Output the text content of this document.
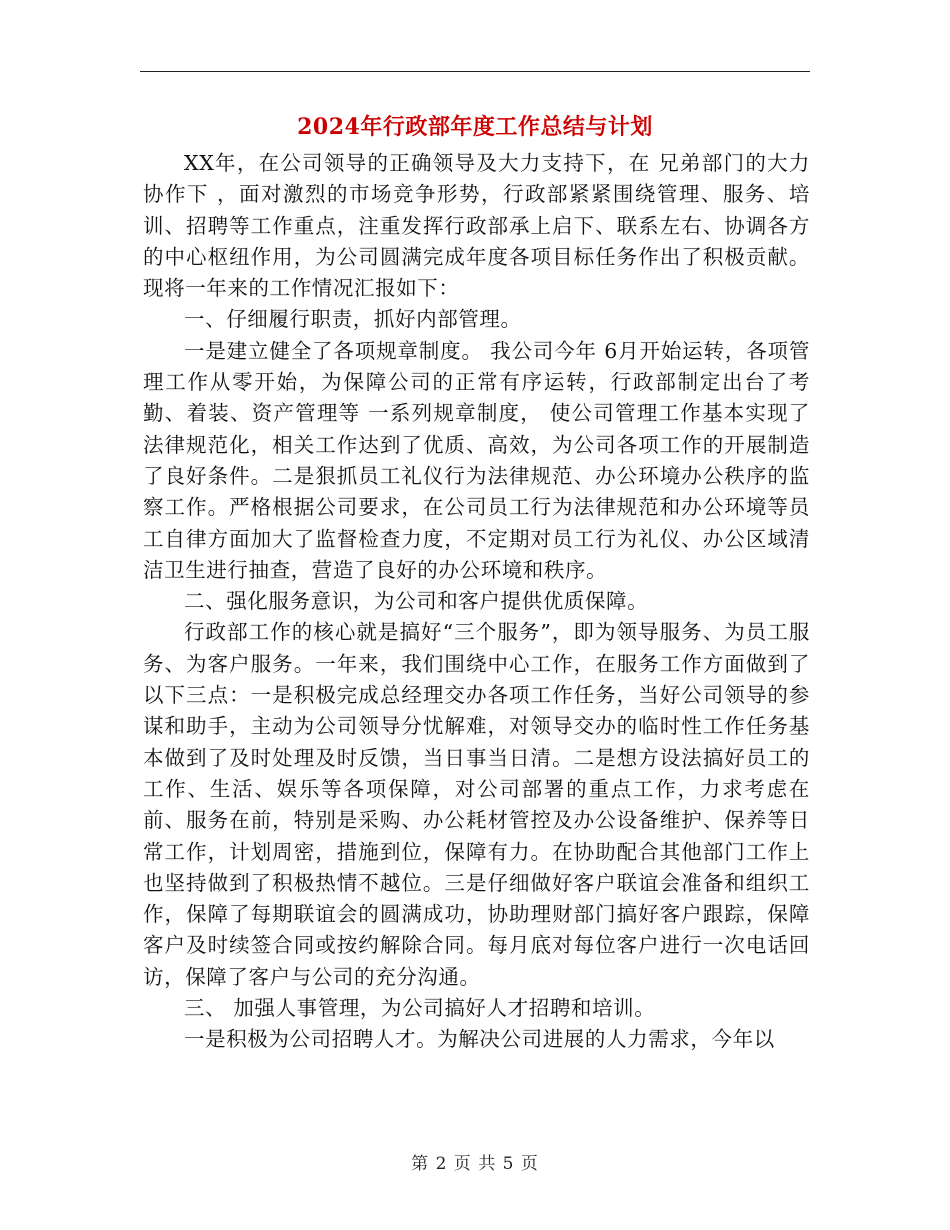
2024年行政部年度工作总结与计划

XX年，在公司领导的正确领导及大力支持下，在 兄弟部门的大力协作下 ，面对激烈的市场竞争形势，行政部紧紧围绕管理、服务、培训、招聘等工作重点，注重发挥行政部承上启下、联系左右、协调各方的中心枢纽作用，为公司圆满完成年度各项目标任务作出了积极贡献。现将一年来的工作情况汇报如下：

一、仔细履行职责，抓好内部管理。

一是建立健全了各项规章制度。 我公司今年 6月开始运转，各项管理工作从零开始，为保障公司的正常有序运转，行政部制定出台了考勤、着装、资产管理等 一系列规章制度， 使公司管理工作基本实现了法律规范化，相关工作达到了优质、高效，为公司各项工作的开展制造了良好条件。二是狠抓员工礼仪行为法律规范、办公环境办公秩序的监察工作。严格根据公司要求，在公司员工行为法律规范和办公环境等员工自律方面加大了监督检查力度，不定期对员工行为礼仪、办公区域清洁卫生进行抽查，营造了良好的办公环境和秩序。

二、强化服务意识，为公司和客户提供优质保障。

行政部工作的核心就是搞好“三个服务”，即为领导服务、为员工服务、为客户服务。一年来，我们围绕中心工作，在服务工作方面做到了以下三点：一是积极完成总经理交办各项工作任务，当好公司领导的参谋和助手，主动为公司领导分忧解难，对领导交办的临时性工作任务基本做到了及时处理及时反馈，当日事当日清。二是想方设法搞好员工的工作、生活、娱乐等各项保障，对公司部署的重点工作，力求考虑在前、服务在前，特别是采购、办公耗材管控及办公设备维护、保养等日常工作，计划周密，措施到位，保障有力。在协助配合其他部门工作上也坚持做到了积极热情不越位。三是仔细做好客户联谊会准备和组织工作，保障了每期联谊会的圆满成功，协助理财部门搞好客户跟踪，保障客户及时续签合同或按约解除合同。每月底对每位客户进行一次电话回访，保障了客户与公司的充分沟通。

三、 加强人事管理，为公司搞好人才招聘和培训。

一是积极为公司招聘人才。为解决公司进展的人力需求，今年以

第 2 页 共 5 页
